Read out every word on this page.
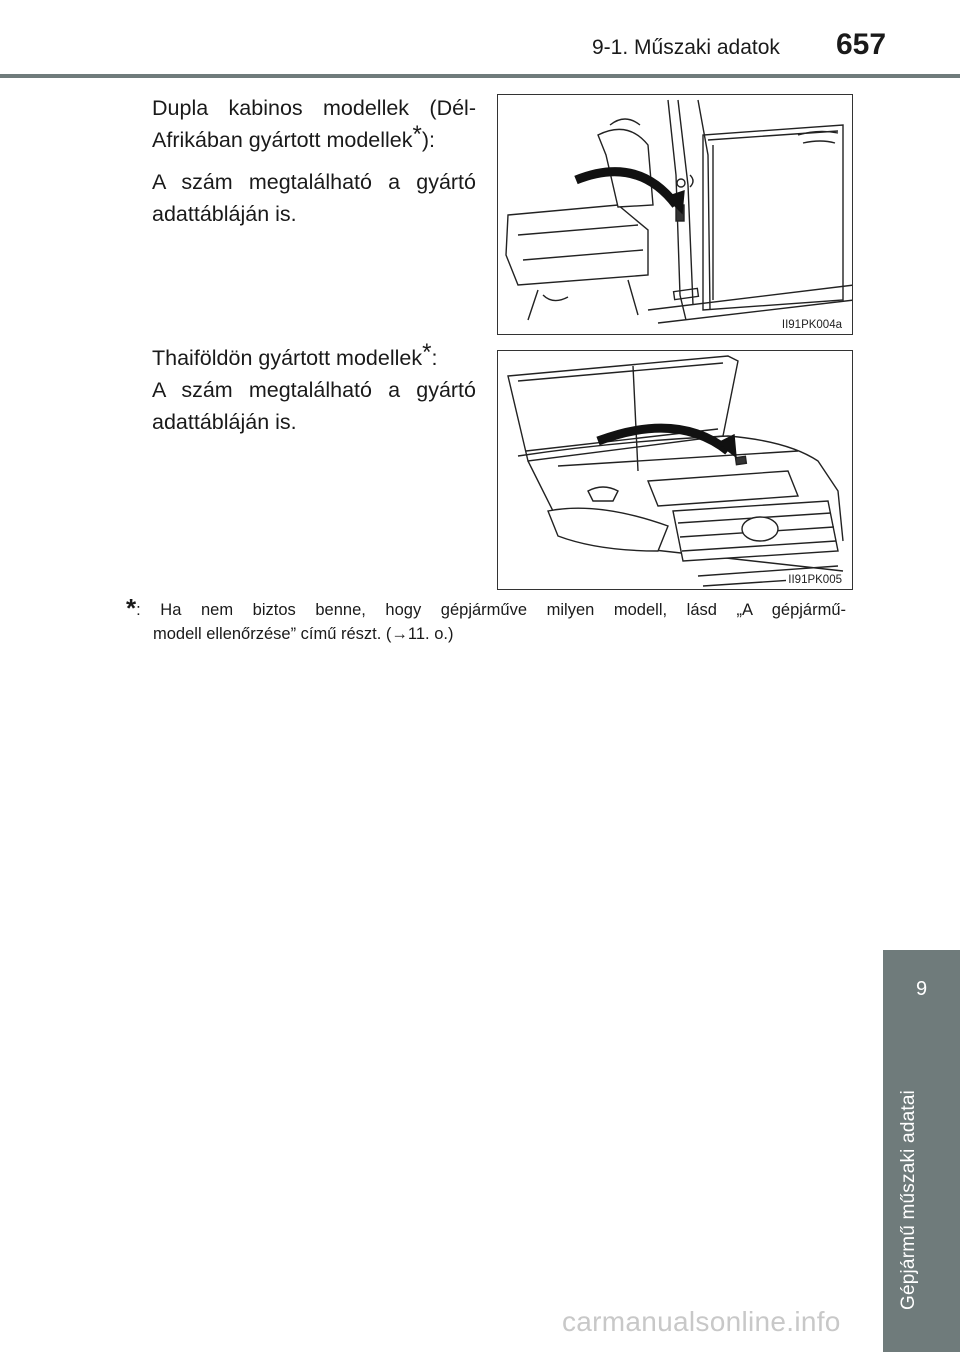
9-1. Műszaki adatok 657
Dupla kabinos modellek (Dél-
Afrikában gyártott modellek*):
A szám megtalálható a gyártó
adattábláján is.
Thaiföldön gyártott modellek*:
A szám megtalálható a gyártó
adattábláján is.
II91PK004a
II91PK005
*: Ha nem biztos benne, hogy gépjárműve milyen modell, lásd „A gépjármű-
modell ellenőrzése” című részt. (→11. o.)
9
Gépjármű műszaki adatai
carmanualsonline.info
